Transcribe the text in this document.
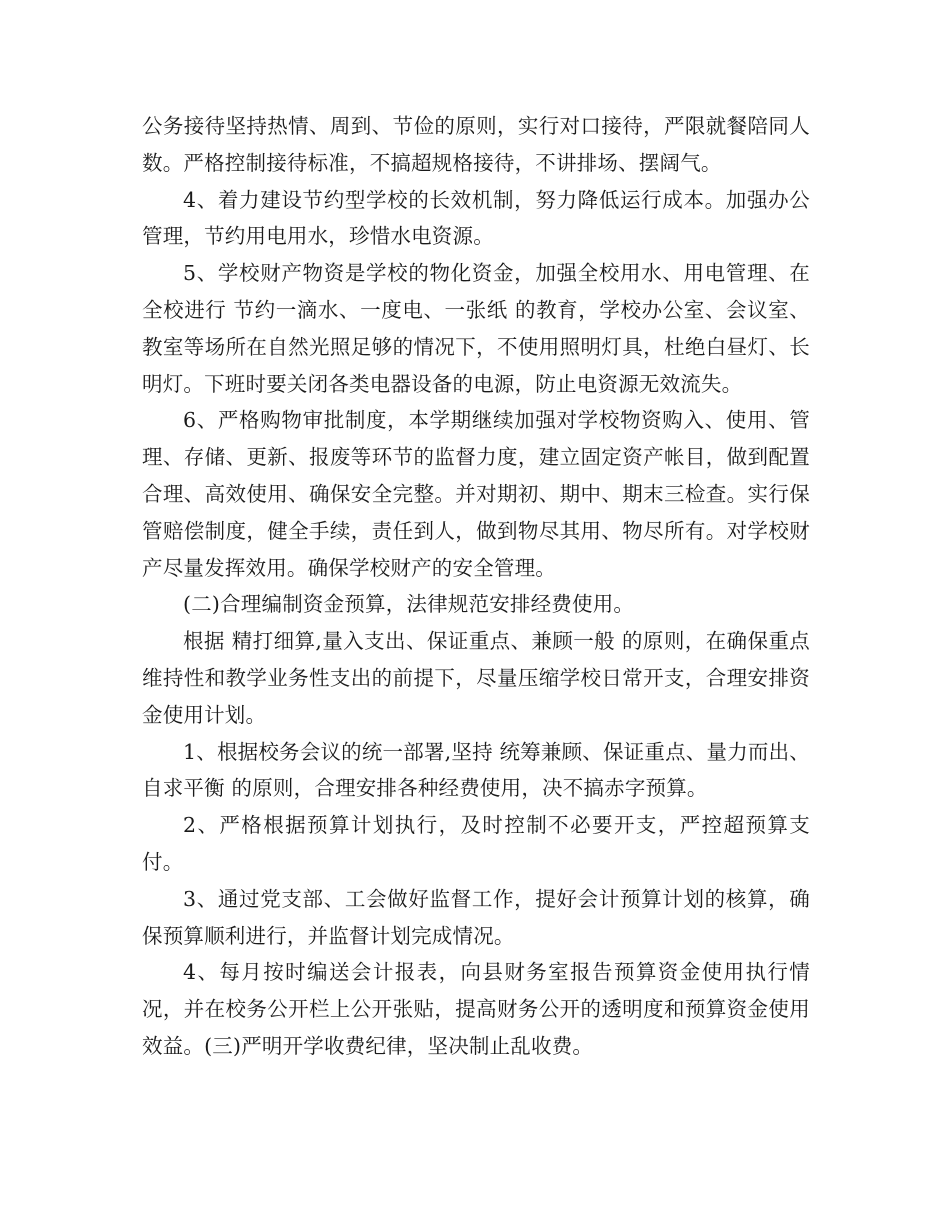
公务接待坚持热情、周到、节俭的原则，实行对口接待，严限就餐陪同人数。严格控制接待标准，不搞超规格接待，不讲排场、摆阔气。

4、着力建设节约型学校的长效机制，努力降低运行成本。加强办公管理，节约用电用水，珍惜水电资源。

5、学校财产物资是学校的物化资金，加强全校用水、用电管理、在全校进行 节约一滴水、一度电、一张纸 的教育，学校办公室、会议室、教室等场所在自然光照足够的情况下，不使用照明灯具，杜绝白昼灯、长明灯。下班时要关闭各类电器设备的电源，防止电资源无效流失。

6、严格购物审批制度，本学期继续加强对学校物资购入、使用、管理、存储、更新、报废等环节的监督力度，建立固定资产帐目，做到配置合理、高效使用、确保安全完整。并对期初、期中、期末三检查。实行保管赔偿制度，健全手续，责任到人，做到物尽其用、物尽所有。对学校财产尽量发挥效用。确保学校财产的安全管理。

(二)合理编制资金预算，法律规范安排经费使用。

根据 精打细算,量入支出、保证重点、兼顾一般 的原则，在确保重点维持性和教学业务性支出的前提下，尽量压缩学校日常开支，合理安排资金使用计划。

1、根据校务会议的统一部署,坚持 统筹兼顾、保证重点、量力而出、自求平衡 的原则，合理安排各种经费使用，决不搞赤字预算。

2、严格根据预算计划执行，及时控制不必要开支，严控超预算支付。

3、通过党支部、工会做好监督工作，提好会计预算计划的核算，确保预算顺利进行，并监督计划完成情况。

4、每月按时编送会计报表，向县财务室报告预算资金使用执行情况，并在校务公开栏上公开张贴，提高财务公开的透明度和预算资金使用效益。(三)严明开学收费纪律，坚决制止乱收费。
